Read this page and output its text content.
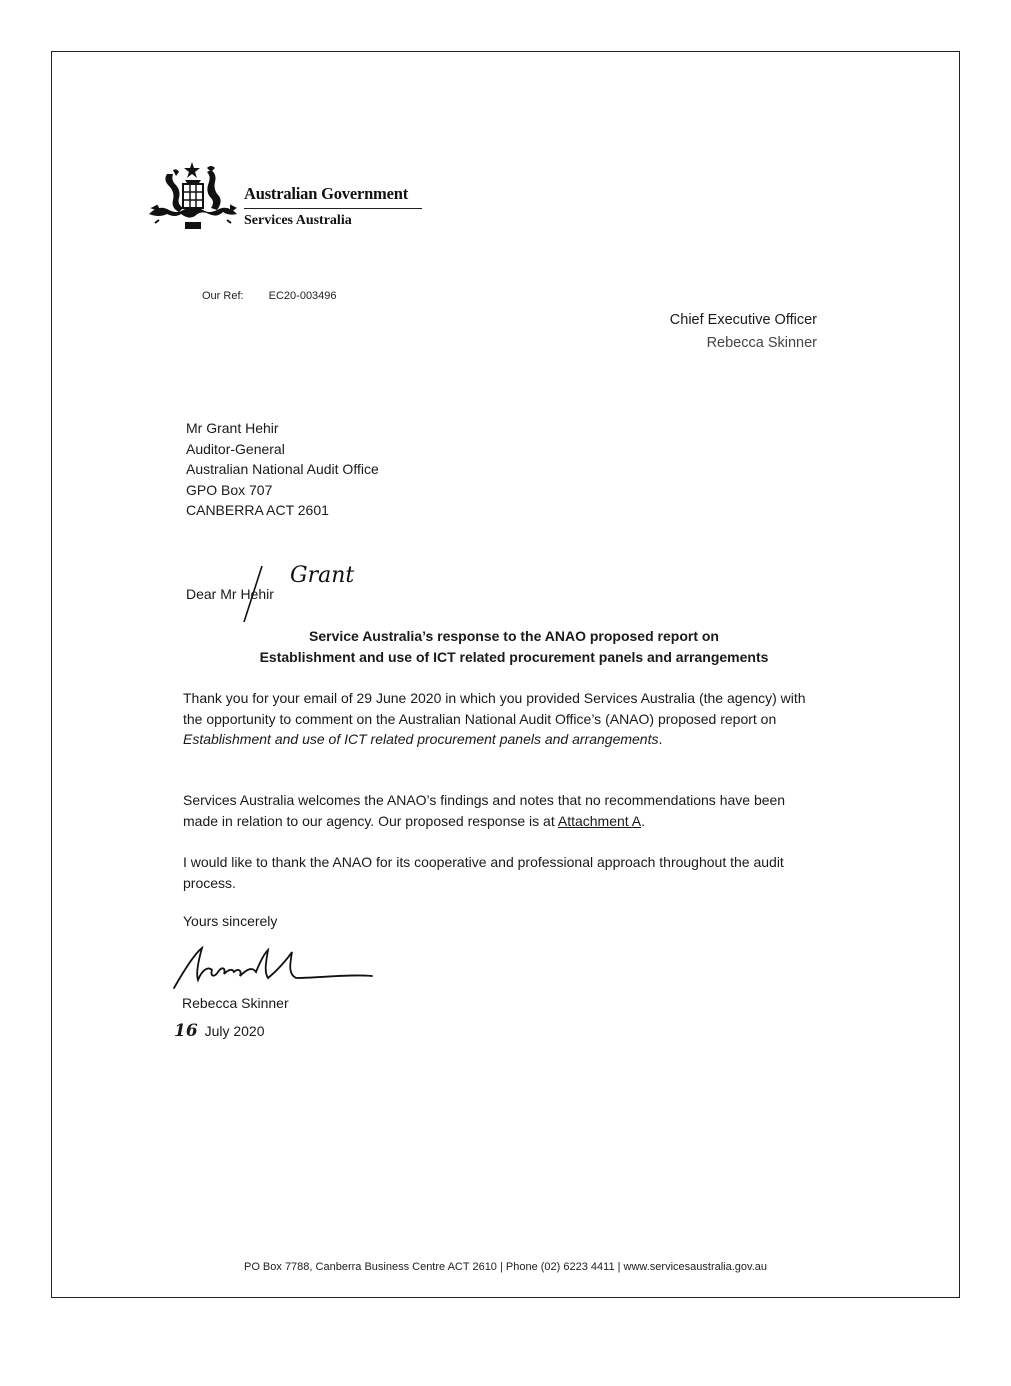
Australian Government
Services Australia
Our Ref: EC20-003496
Chief Executive Officer
Rebecca Skinner
Mr Grant Hehir
Auditor-General
Australian National Audit Office
GPO Box 707
CANBERRA ACT 2601
Dear Mr Hehir
Grant
Service Australia’s response to the ANAO proposed report on
Establishment and use of ICT related procurement panels and arrangements

Thank you for your email of 29 June 2020 in which you provided Services Australia (the agency) with the opportunity to comment on the Australian National Audit Office’s (ANAO) proposed report on Establishment and use of ICT related procurement panels and arrangements.

Services Australia welcomes the ANAO’s findings and notes that no recommendations have been made in relation to our agency. Our proposed response is at Attachment A.

I would like to thank the ANAO for its cooperative and professional approach throughout the audit process.

Yours sincerely
Rebecca Skinner
16 July 2020
PO Box 7788, Canberra Business Centre ACT 2610 | Phone (02) 6223 4411 | www.servicesaustralia.gov.au
